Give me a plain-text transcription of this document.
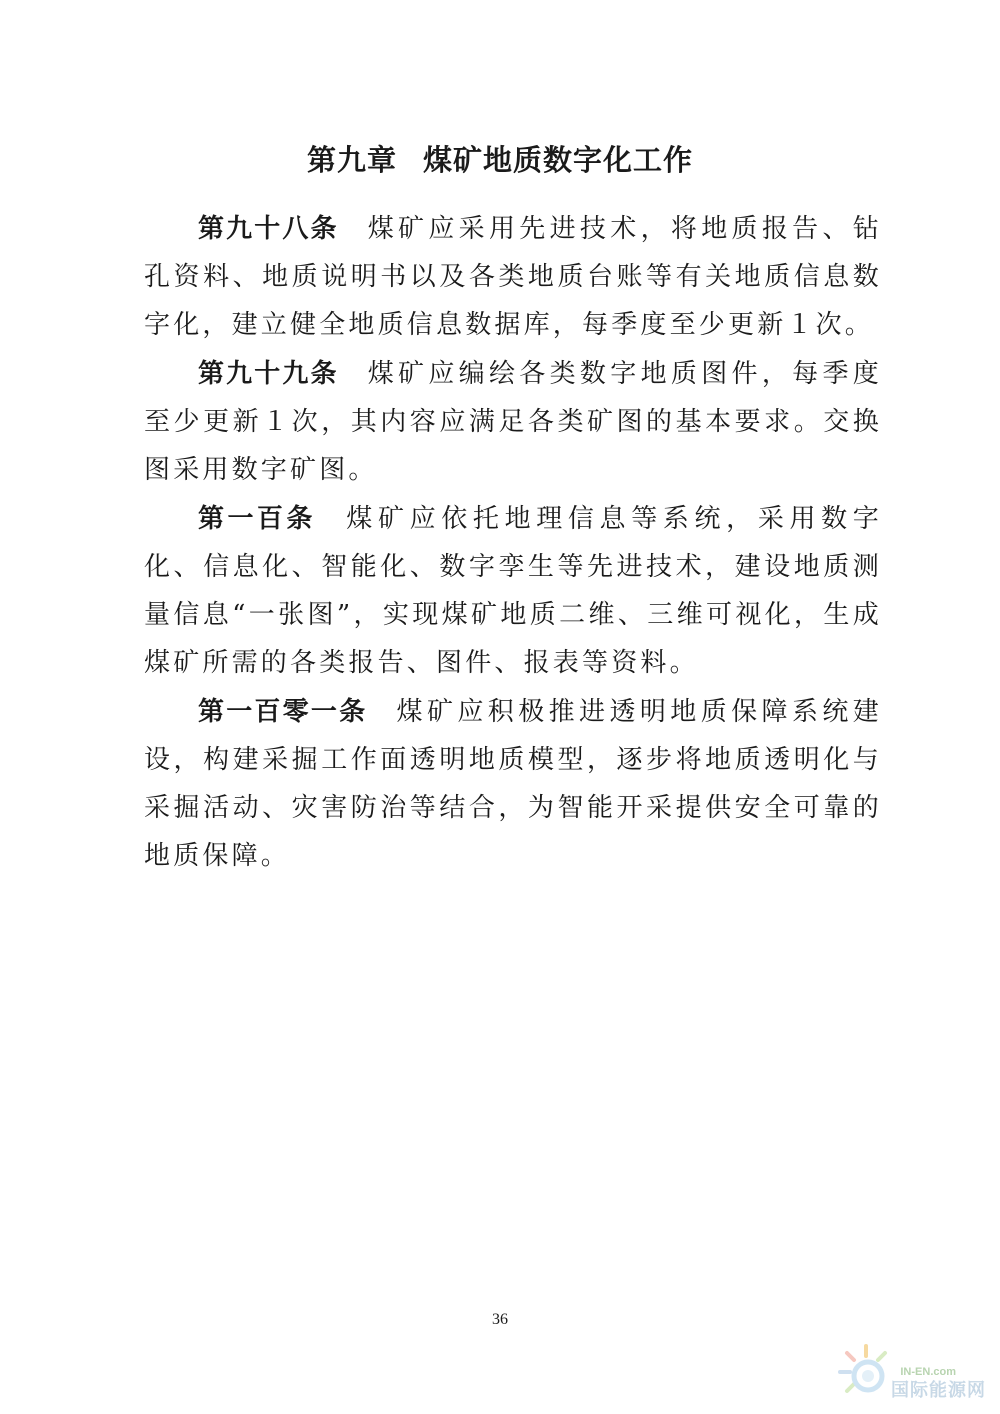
第九章 煤矿地质数字化工作

第九十八条 煤矿应采用先进技术，将地质报告、钻孔资料、地质说明书以及各类地质台账等有关地质信息数字化，建立健全地质信息数据库，每季度至少更新１次。

第九十九条 煤矿应编绘各类数字地质图件，每季度至少更新１次，其内容应满足各类矿图的基本要求。交换图采用数字矿图。

第一百条 煤矿应依托地理信息等系统，采用数字化、信息化、智能化、数字孪生等先进技术，建设地质测量信息“一张图”，实现煤矿地质二维、三维可视化，生成煤矿所需的各类报告、图件、报表等资料。

第一百零一条 煤矿应积极推进透明地质保障系统建设，构建采掘工作面透明地质模型，逐步将地质透明化与采掘活动、灾害防治等结合，为智能开采提供安全可靠的地质保障。

36
IN-EN.com
国际能源网
